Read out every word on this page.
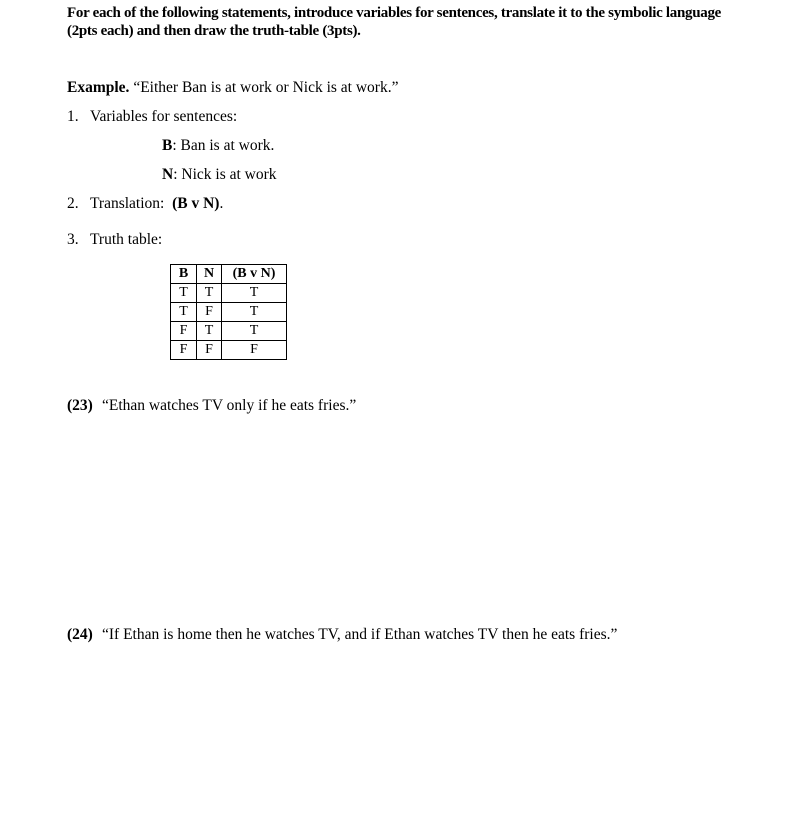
For each of the following statements, introduce variables for sentences, translate it to the symbolic language (2pts each) and then draw the truth-table (3pts).
Example. “Either Ban is at work or Nick is at work.”
1. Variables for sentences:
B: Ban is at work.
N: Nick is at work
2. Translation: (B v N).
3. Truth table:
B	N	(B v N)
T	T	T
T	F	T
F	T	T
F	F	F
(23) “Ethan watches TV only if he eats fries.”
(24) “If Ethan is home then he watches TV, and if Ethan watches TV then he eats fries.”
